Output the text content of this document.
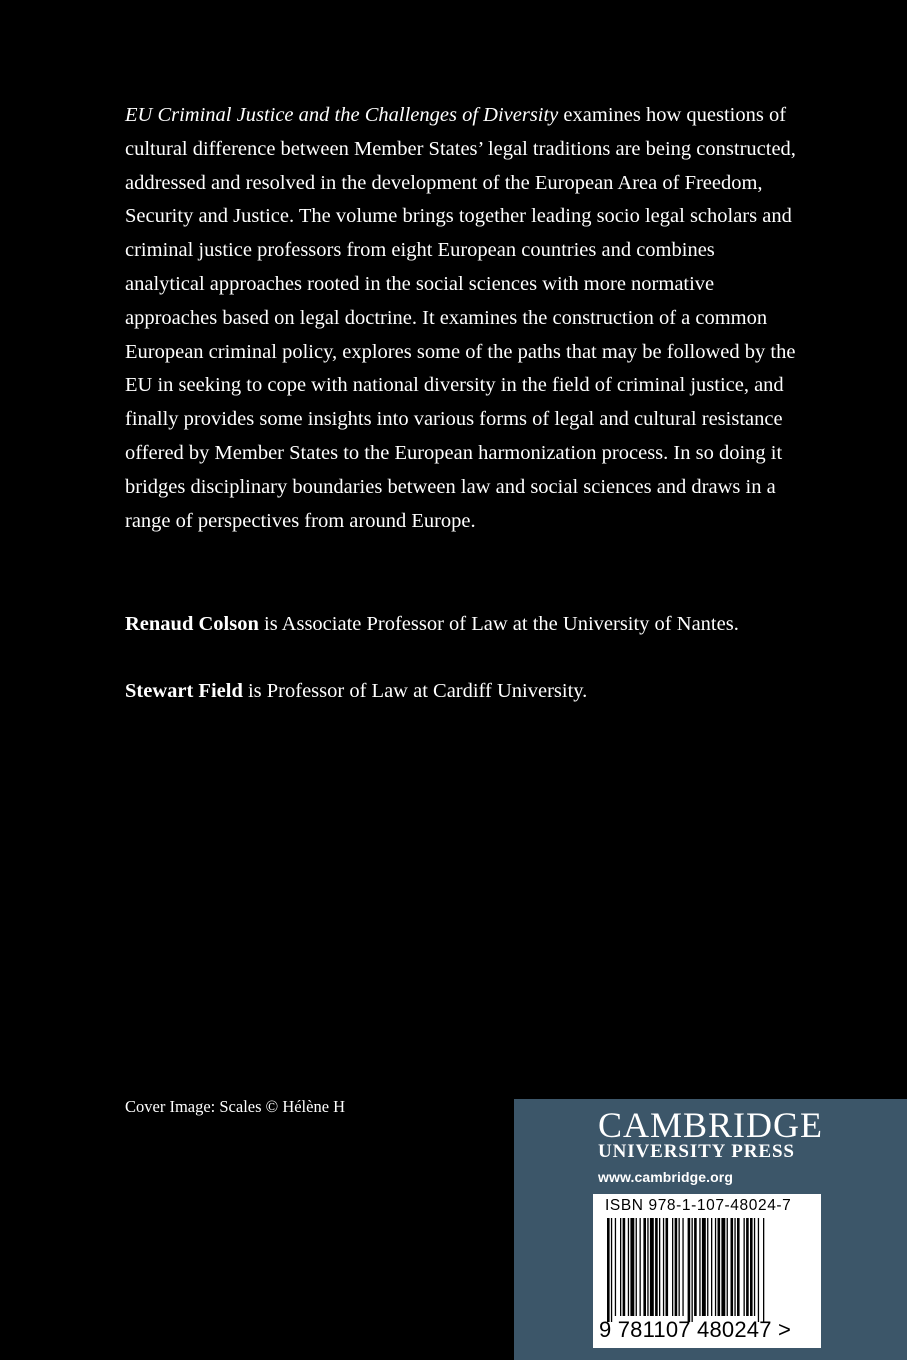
EU Criminal Justice and the Challenges of Diversity examines how questions of cultural difference between Member States’ legal traditions are being constructed, addressed and resolved in the development of the European Area of Freedom, Security and Justice. The volume brings together leading socio legal scholars and criminal justice professors from eight European countries and combines analytical approaches rooted in the social sciences with more normative approaches based on legal doctrine. It examines the construction of a common European criminal policy, explores some of the paths that may be followed by the EU in seeking to cope with national diversity in the field of criminal justice, and finally provides some insights into various forms of legal and cultural resistance offered by Member States to the European harmonization process. In so doing it bridges disciplinary boundaries between law and social sciences and draws in a range of perspectives from around Europe.

Renaud Colson is Associate Professor of Law at the University of Nantes.

Stewart Field is Professor of Law at Cardiff University.

Cover Image: Scales © Hélène H	CAMBRIDGE
UNIVERSITY PRESS
www.cambridge.org
ISBN 978-1-107-48024-7
9 781107 480247 >
